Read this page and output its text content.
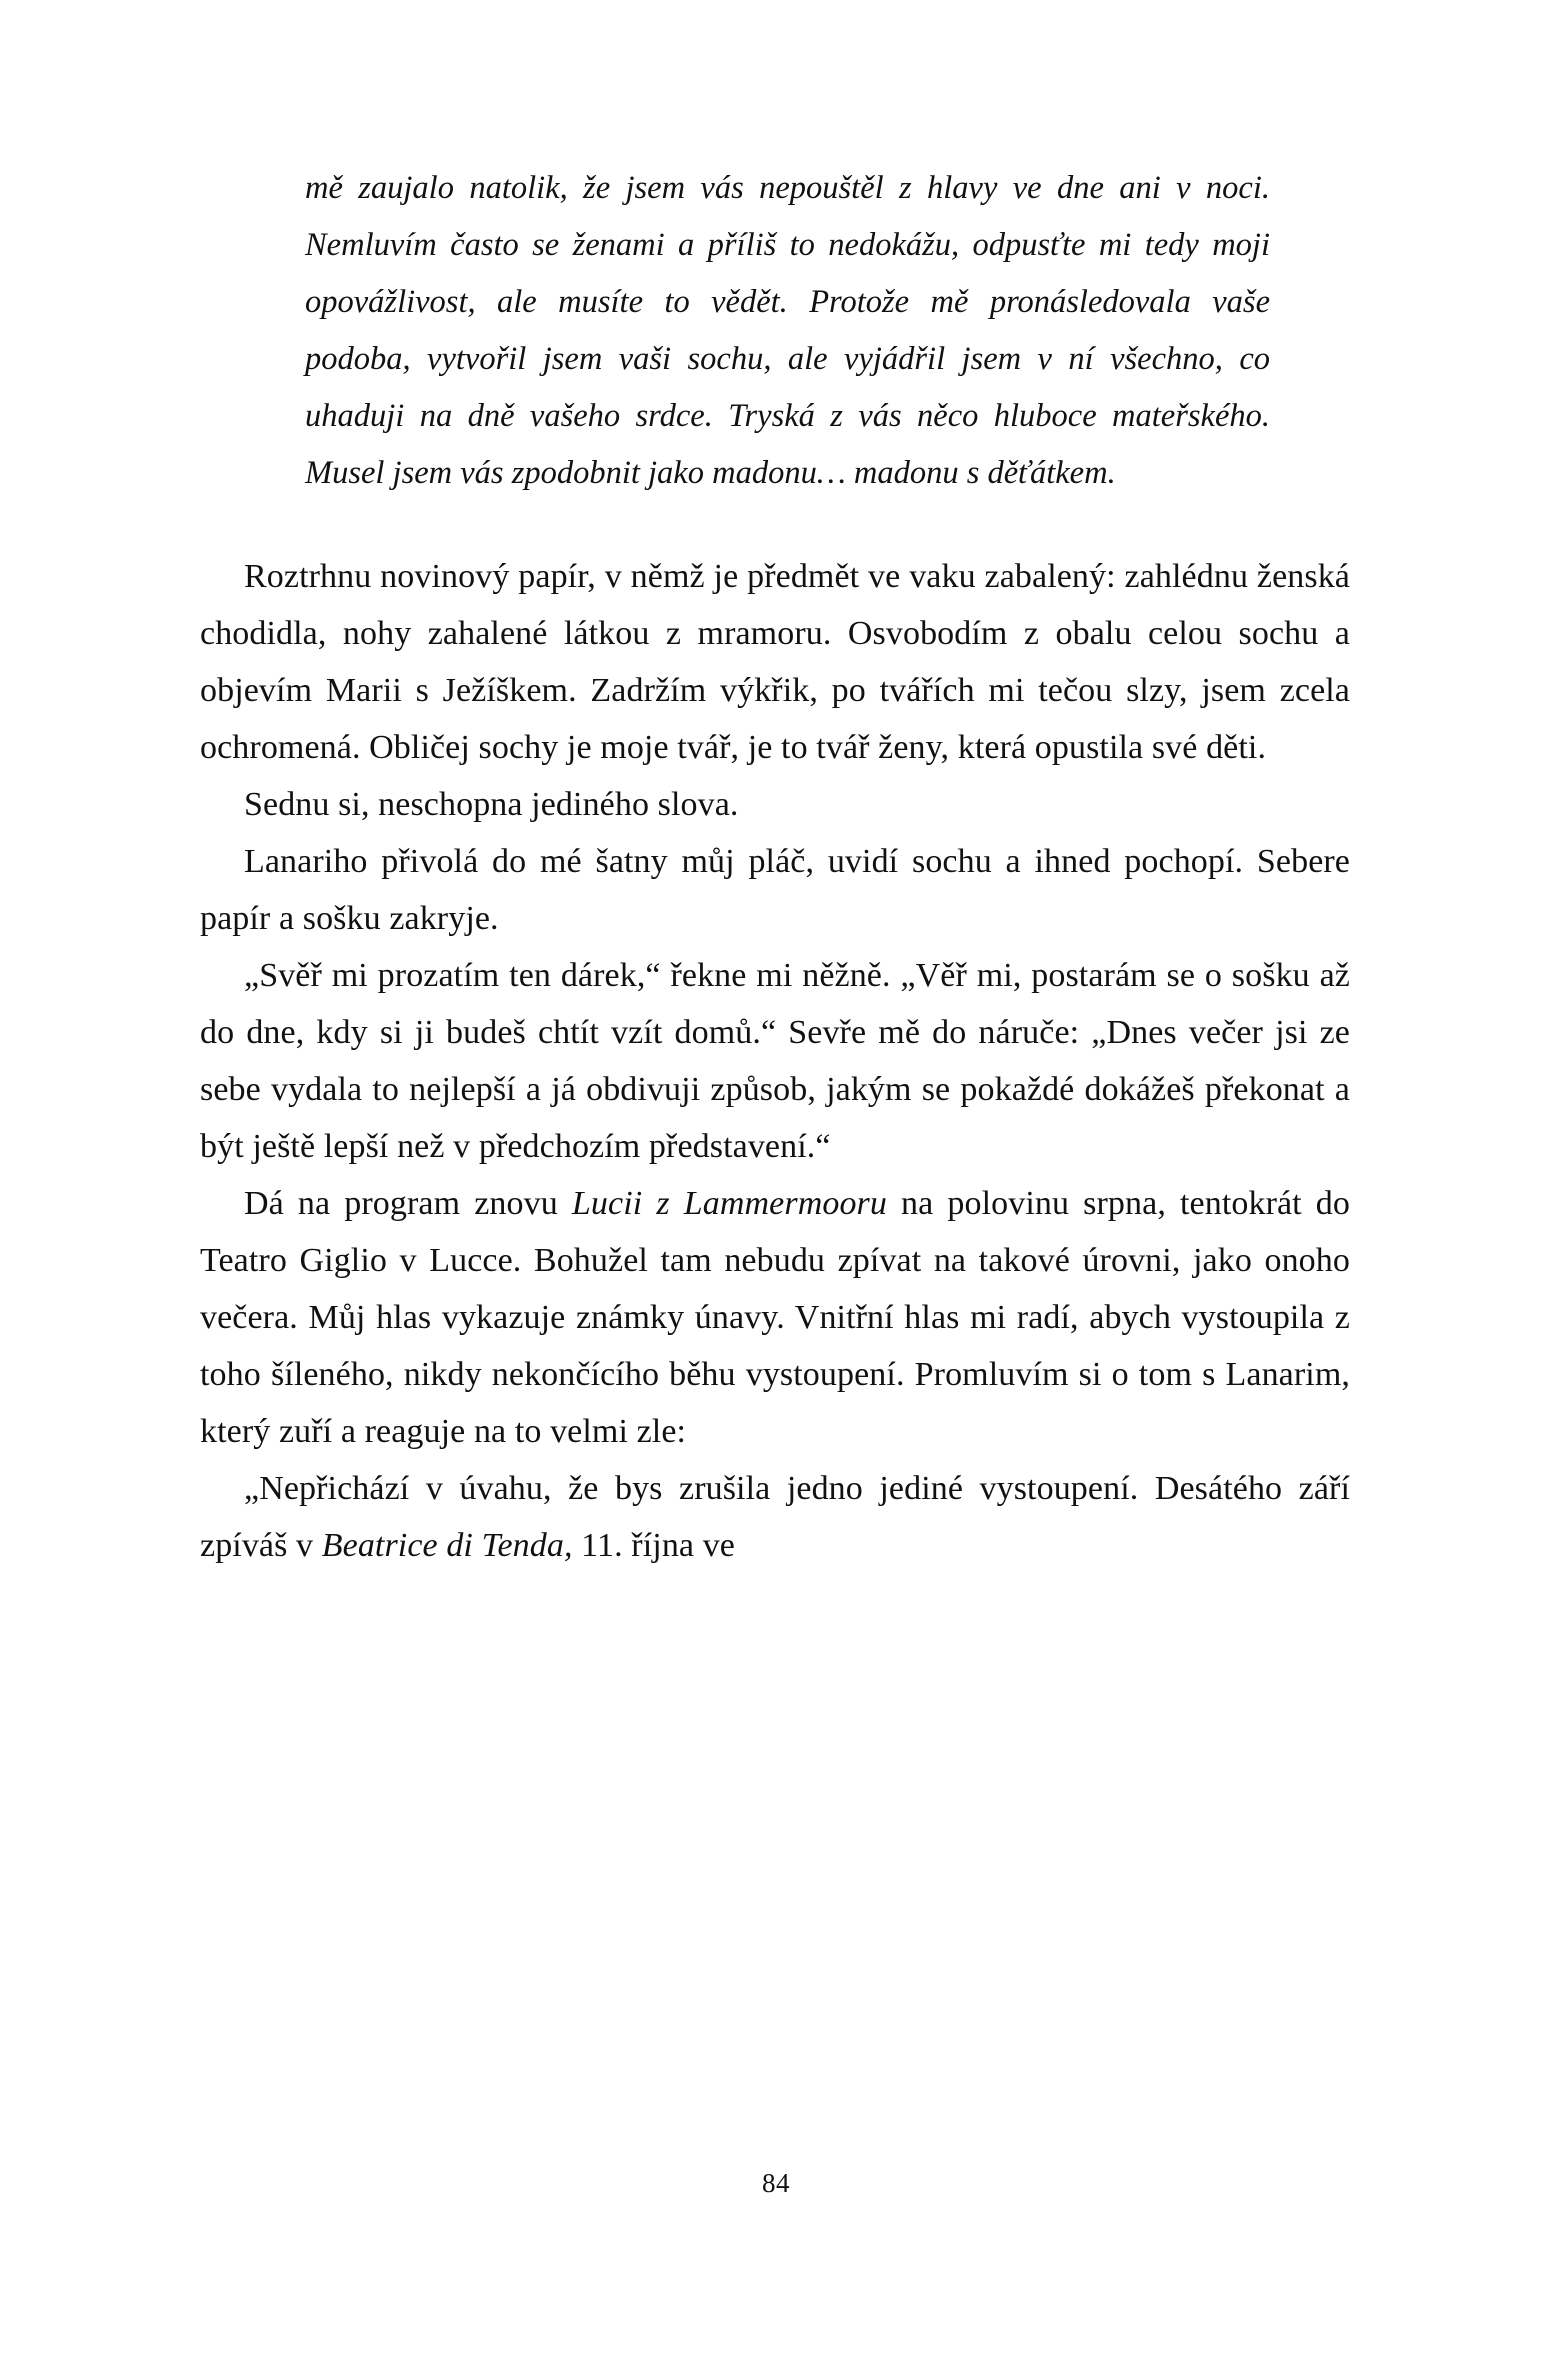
mě zaujalo natolik, že jsem vás nepouštěl z hlavy ve dne ani v noci. Nemluvím často se ženami a příliš to nedokážu, odpusťte mi tedy moji opovážlivost, ale musíte to vědět. Protože mě pronásledovala vaše podoba, vytvořil jsem vaši sochu, ale vyjádřil jsem v ní všechno, co uhaduji na dně vašeho srdce. Tryská z vás něco hluboce mateřského. Musel jsem vás zpodobnit jako madonu… madonu s děťátkem.

Roztrhnu novinový papír, v němž je předmět ve vaku zabalený: zahlédnu ženská chodidla, nohy zahalené látkou z mramoru. Osvobodím z obalu celou sochu a objevím Marii s Ježíškem. Zadržím výkřik, po tvářích mi tečou slzy, jsem zcela ochromená. Obličej sochy je moje tvář, je to tvář ženy, která opustila své děti.

Sednu si, neschopna jediného slova.

Lanariho přivolá do mé šatny můj pláč, uvidí sochu a ihned pochopí. Sebere papír a sošku zakryje.

„Svěř mi prozatím ten dárek,“ řekne mi něžně. „Věř mi, postarám se o sošku až do dne, kdy si ji budeš chtít vzít domů.“ Sevře mě do náruče: „Dnes večer jsi ze sebe vydala to nejlepší a já obdivuji způsob, jakým se pokaždé dokážeš překonat a být ještě lepší než v předchozím představení.“

Dá na program znovu Lucii z Lammermooru na polovinu srpna, tentokrát do Teatro Giglio v Lucce. Bohužel tam nebudu zpívat na takové úrovni, jako onoho večera. Můj hlas vykazuje známky únavy. Vnitřní hlas mi radí, abych vystoupila z toho šíleného, nikdy nekončícího běhu vystoupení. Promluvím si o tom s Lanarim, který zuří a reaguje na to velmi zle:

„Nepřichází v úvahu, že bys zrušila jedno jediné vystoupení. Desátého září zpíváš v Beatrice di Tenda, 11. října ve

84
